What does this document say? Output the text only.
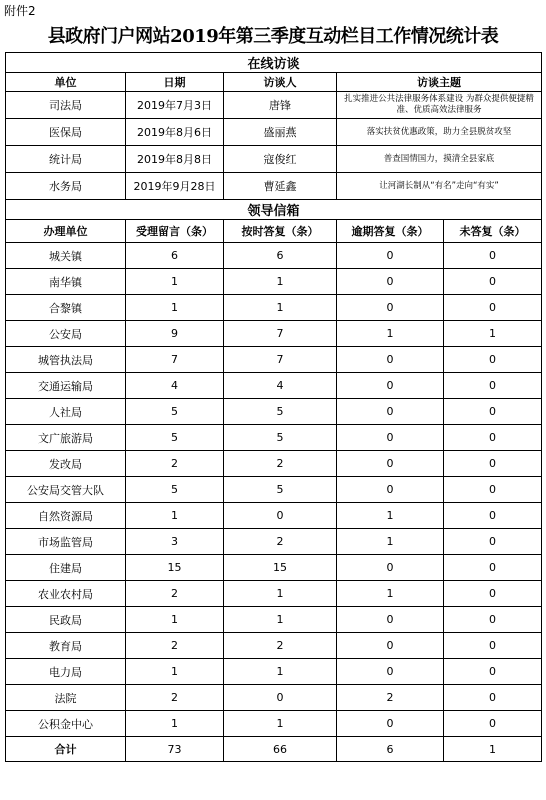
附件2
县政府门户网站2019年第三季度互动栏目工作情况统计表
在线访谈				
单位	日期	访谈人	访谈主题	
司法局	2019年7月3日	唐锋	扎实推进公共法律服务体系建设 为群众提供便捷精准、优质高效法律服务	
医保局	2019年8月6日	盛丽燕	落实扶贫优惠政策，助力全县脱贫攻坚	
统计局	2019年8月8日	寇俊红	普查国情国力，摸清全县家底	
水务局	2019年9月28日	曹延鑫	让河湖长制从“有名”走向“有实”	
领导信箱				
办理单位	受理留言（条）	按时答复（条）	逾期答复（条）	未答复（条）
城关镇	6	6	0	0
南华镇	1	1	0	0
合黎镇	1	1	0	0
公安局	9	7	1	1
城管执法局	7	7	0	0
交通运输局	4	4	0	0
人社局	5	5	0	0
文广旅游局	5	5	0	0
发改局	2	2	0	0
公安局交管大队	5	5	0	0
自然资源局	1	0	1	0
市场监管局	3	2	1	0
住建局	15	15	0	0
农业农村局	2	1	1	0
民政局	1	1	0	0
教育局	2	2	0	0
电力局	1	1	0	0
法院	2	0	2	0
公积金中心	1	1	0	0
合计	73	66	6	1
